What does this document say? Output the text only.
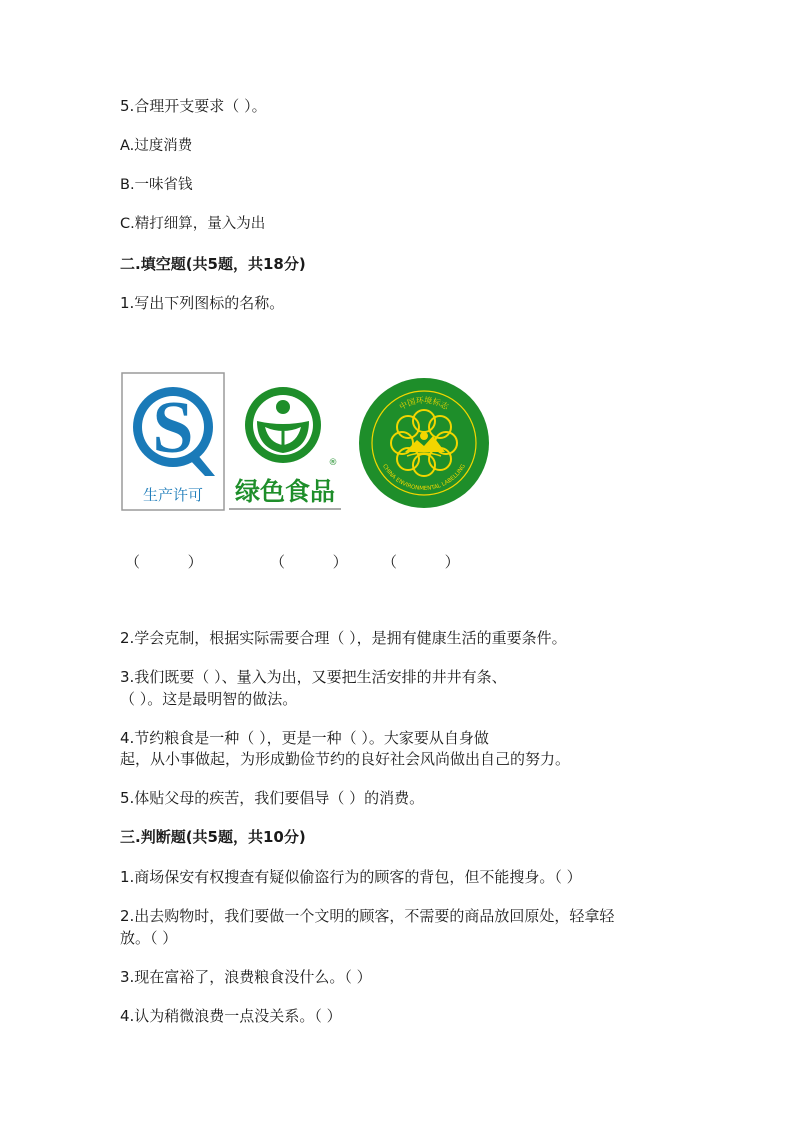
5.合理开支要求（ ）。
A.过度消费
B.一味省钱
C.精打细算，量入为出
二.填空题(共5题，共18分)
1.写出下列图标的名称。
S
生产许可
®
绿色食品
中国环境标志
CHINA ENVIRONMENTAL LABELLING
（          ）	（          ） （          ）
2.学会克制，根据实际需要合理（ ），是拥有健康生活的重要条件。
3.我们既要（ ）、量入为出，又要把生活安排的井井有条、
（ ）。这是最明智的做法。
4.节约粮食是一种（ ），更是一种（ ）。大家要从自身做
起，从小事做起，为形成勤俭节约的良好社会风尚做出自己的努力。
5.体贴父母的疾苦，我们要倡导（ ）的消费。
三.判断题(共5题，共10分)
1.商场保安有权搜查有疑似偷盗行为的顾客的背包，但不能搜身。（ ）
2.出去购物时，我们要做一个文明的顾客，不需要的商品放回原处，轻拿轻
放。（ ）
3.现在富裕了，浪费粮食没什么。（ ）
4.认为稍微浪费一点没关系。（ ）
